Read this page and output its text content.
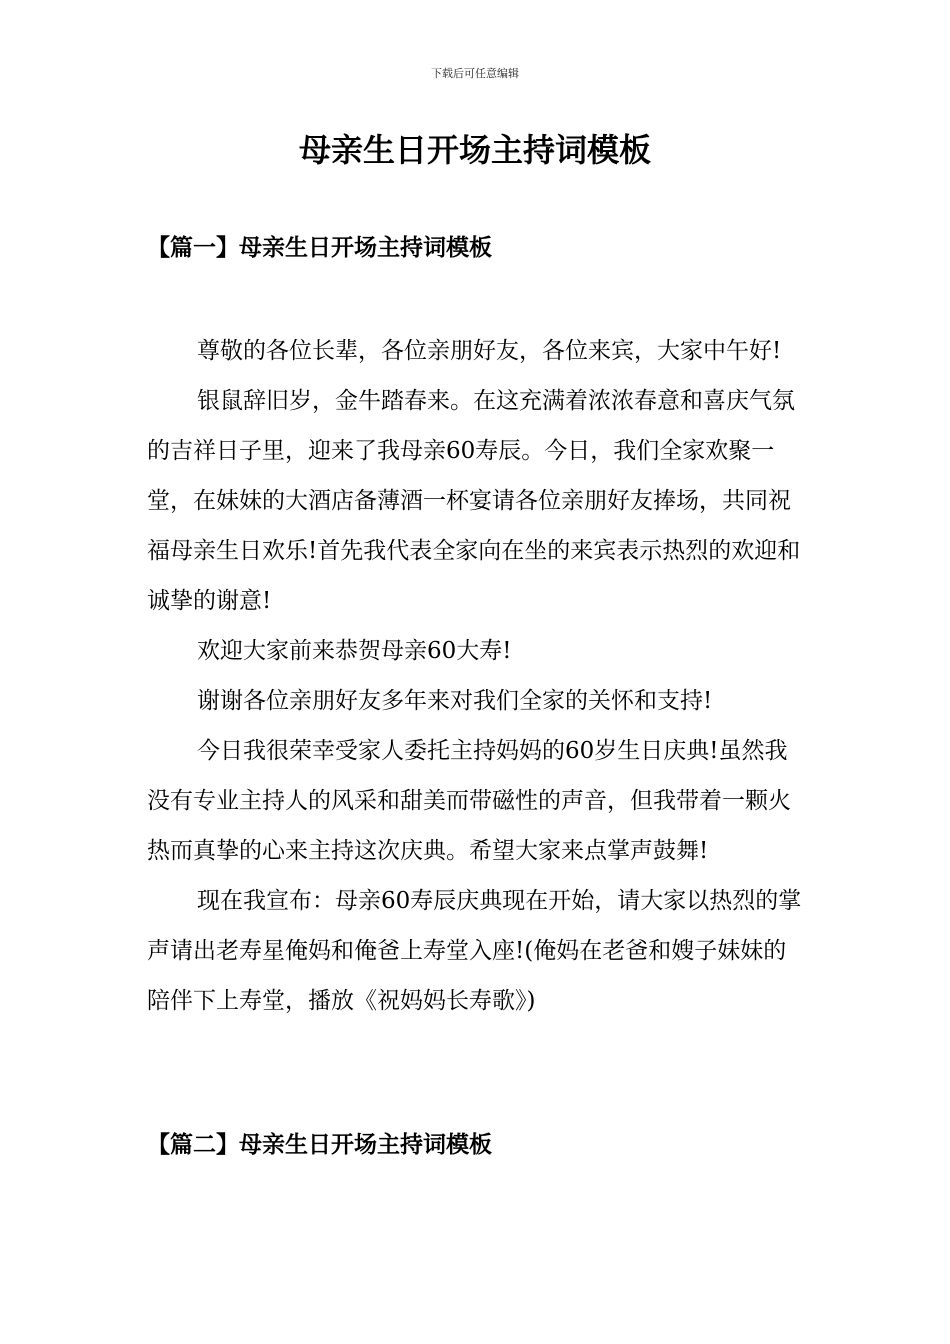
下载后可任意编辑
母亲生日开场主持词模板
【篇一】母亲生日开场主持词模板

尊敬的各位长辈，各位亲朋好友，各位来宾，大家中午好!

银鼠辞旧岁，金牛踏春来。在这充满着浓浓春意和喜庆气氛的吉祥日子里，迎来了我母亲60寿辰。今日，我们全家欢聚一堂，在妹妹的大酒店备薄酒一杯宴请各位亲朋好友捧场，共同祝福母亲生日欢乐!首先我代表全家向在坐的来宾表示热烈的欢迎和诚挚的谢意!

欢迎大家前来恭贺母亲60大寿!

谢谢各位亲朋好友多年来对我们全家的关怀和支持!

今日我很荣幸受家人委托主持妈妈的60岁生日庆典!虽然我没有专业主持人的风采和甜美而带磁性的声音，但我带着一颗火热而真挚的心来主持这次庆典。希望大家来点掌声鼓舞!

现在我宣布：母亲60寿辰庆典现在开始，请大家以热烈的掌声请出老寿星俺妈和俺爸上寿堂入座!(俺妈在老爸和嫂子妹妹的陪伴下上寿堂，播放《祝妈妈长寿歌》)

【篇二】母亲生日开场主持词模板
